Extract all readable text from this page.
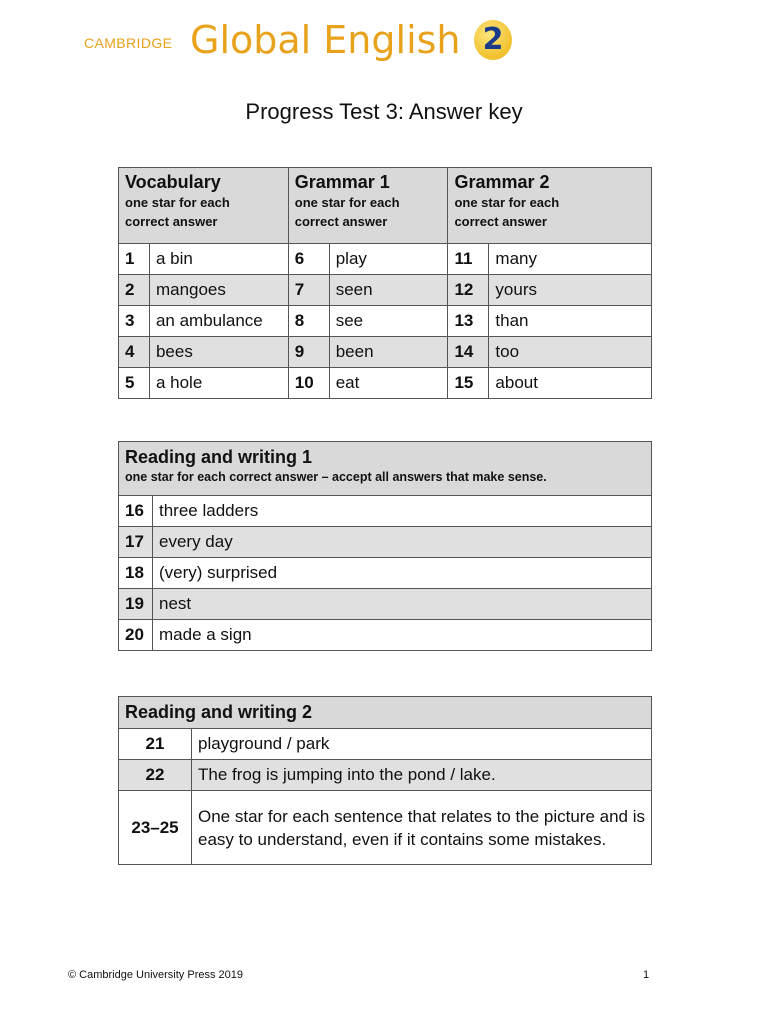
CAMBRIDGE Global English 2
Progress Test 3: Answer key
Vocabulary
one star for each
correct answer		Grammar 1
one star for each
correct answer		Grammar 2
one star for each
correct answer	

1	a bin	6	play	11	many
2	mangoes	7	seen	12	yours
3	an ambulance	8	see	13	than
4	bees	9	been	14	too
5	a hole	10	eat	15	about
Reading and writing 1
one star for each correct answer – accept all answers that make sense.	

16	three ladders
17	every day
18	(very) surprised
19	nest
20	made a sign
Reading and writing 2	

21	playground / park
22	The frog is jumping into the pond / lake.
23–25	One star for each sentence that relates to the picture and is easy to understand, even if it contains some mistakes.
© Cambridge University Press 2019	1
